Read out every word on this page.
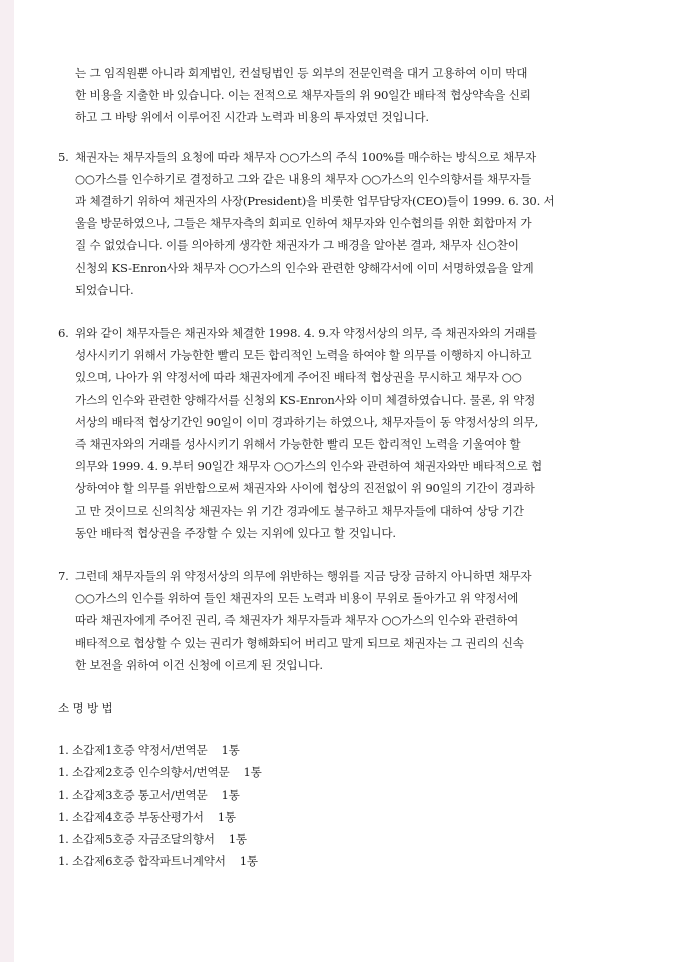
는 그 임직원뿐 아니라 회계법인, 컨설팅법인 등 외부의 전문인력을 대거 고용하여 이미 막대
한 비용을 지출한 바 있습니다. 이는 전적으로 채무자들의 위 90일간 배타적 협상약속을 신뢰
하고 그 바탕 위에서 이루어진 시간과 노력과 비용의 투자였던 것입니다.
5. 채권자는 채무자들의 요청에 따라 채무자 ○○가스의 주식 100%를 매수하는 방식으로 채무자
○○가스를 인수하기로 결정하고 그와 같은 내용의 채무자 ○○가스의 인수의향서를 채무자들
과 체결하기 위하여 채권자의 사장(President)을 비롯한 업무담당자(CEO)들이 1999. 6. 30. 서
울을 방문하였으나, 그들은 채무자측의 회피로 인하여 채무자와 인수협의를 위한 회합마저 가
질 수 없었습니다. 이를 의아하게 생각한 채권자가 그 배경을 알아본 결과, 채무자 신○찬이
신청외 KS-Enron사와 채무자 ○○가스의 인수와 관련한 양해각서에 이미 서명하였음을 알게
되었습니다.
6. 위와 같이 채무자들은 채권자와 체결한 1998. 4. 9.자 약정서상의 의무, 즉 채권자와의 거래를
성사시키기 위해서 가능한한 빨리 모든 합리적인 노력을 하여야 할 의무를 이행하지 아니하고
있으며, 나아가 위 약정서에 따라 채권자에게 주어진 배타적 협상권을 무시하고 채무자 ○○
가스의 인수와 관련한 양해각서를 신청외 KS-Enron사와 이미 체결하였습니다. 물론, 위 약정
서상의 배타적 협상기간인 90일이 이미 경과하기는 하였으나, 채무자들이 동 약정서상의 의무,
즉 채권자와의 거래를 성사시키기 위해서 가능한한 빨리 모든 합리적인 노력을 기울여야 할
의무와 1999. 4. 9.부터 90일간 채무자 ○○가스의 인수와 관련하여 채권자와만 배타적으로 협
상하여야 할 의무를 위반함으로써 채권자와 사이에 협상의 진전없이 위 90일의 기간이 경과하
고 만 것이므로 신의칙상 채권자는 위 기간 경과에도 불구하고 채무자들에 대하여 상당 기간
동안 배타적 협상권을 주장할 수 있는 지위에 있다고 할 것입니다.
7. 그런데 채무자들의 위 약정서상의 의무에 위반하는 행위를 지금 당장 금하지 아니하면 채무자
○○가스의 인수를 위하여 들인 채권자의 모든 노력과 비용이 무위로 돌아가고 위 약정서에
따라 채권자에게 주어진 권리, 즉 채권자가 채무자들과 채무자 ○○가스의 인수와 관련하여
배타적으로 협상할 수 있는 권리가 형해화되어 버리고 말게 되므로 채권자는 그 권리의 신속
한 보전을 위하여 이건 신청에 이르게 된 것입니다.
소 명 방 법
1. 소갑제1호증 약정서/번역문    1통
1. 소갑제2호증 인수의향서/번역문    1통
1. 소갑제3호증 통고서/번역문    1통
1. 소갑제4호증 부동산평가서    1통
1. 소갑제5호증 자금조달의향서    1통
1. 소갑제6호증 합작파트너계약서    1통
